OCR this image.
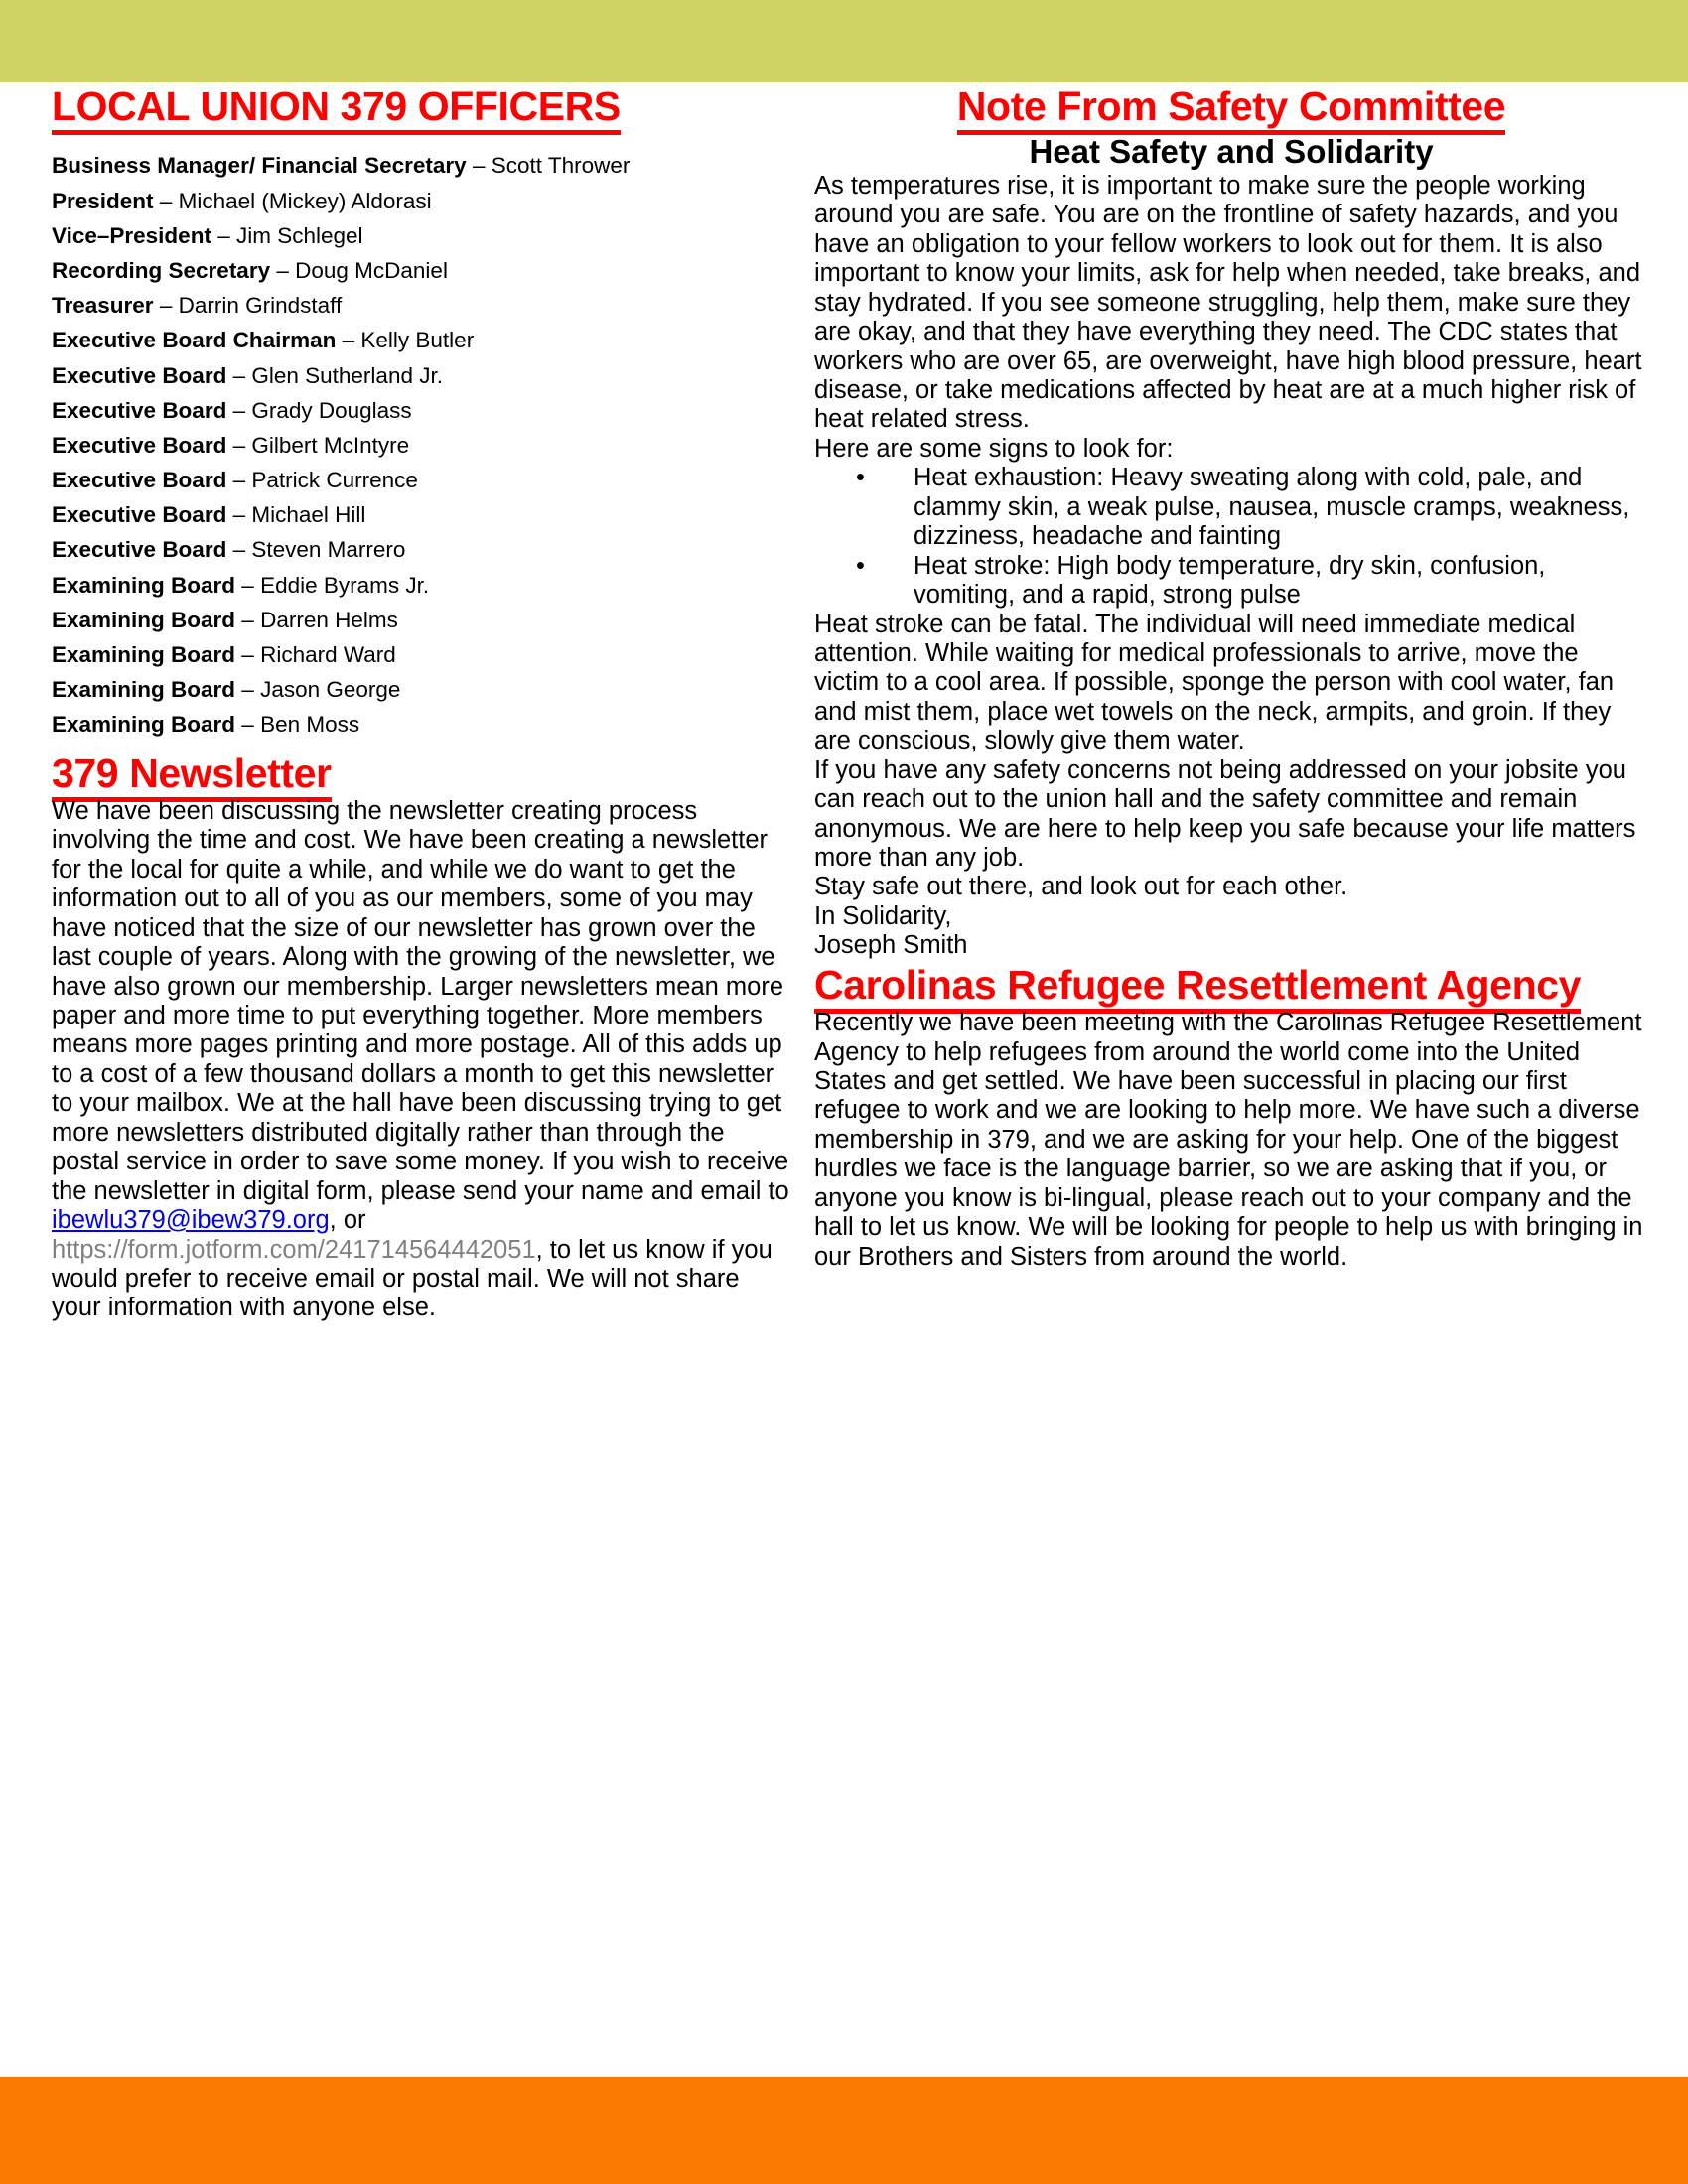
LOCAL UNION 379 OFFICERS
Business Manager/ Financial Secretary – Scott Thrower
President – Michael (Mickey) Aldorasi
Vice–President – Jim Schlegel
Recording Secretary – Doug McDaniel
Treasurer – Darrin Grindstaff
Executive Board Chairman – Kelly Butler
Executive Board – Glen Sutherland Jr.
Executive Board – Grady Douglass
Executive Board – Gilbert McIntyre
Executive Board – Patrick Currence
Executive Board – Michael Hill
Executive Board – Steven Marrero
Examining Board – Eddie Byrams Jr.
Examining Board – Darren Helms
Examining Board – Richard Ward
Examining Board – Jason George
Examining Board – Ben Moss
379 Newsletter

We have been discussing the newsletter creating process involving the time and cost. We have been creating a newsletter for the local for quite a while, and while we do want to get the information out to all of you as our members, some of you may have noticed that the size of our newsletter has grown over the last couple of years. Along with the growing of the newsletter, we have also grown our membership. Larger newsletters mean more paper and more time to put everything together. More members means more pages printing and more postage. All of this adds up to a cost of a few thousand dollars a month to get this newsletter to your mailbox. We at the hall have been discussing trying to get more newsletters distributed digitally rather than through the postal service in order to save some money. If you wish to receive the newsletter in digital form, please send your name and email to ibewlu379@ibew379.org, or https://form.jotform.com/241714564442051, to let us know if you would prefer to receive email or postal mail. We will not share your information with anyone else.

Note From Safety Committee
Heat Safety and Solidarity

As temperatures rise, it is important to make sure the people working around you are safe. You are on the frontline of safety hazards, and you have an obligation to your fellow workers to look out for them. It is also important to know your limits, ask for help when needed, take breaks, and stay hydrated. If you see someone struggling, help them, make sure they are okay, and that they have everything they need. The CDC states that workers who are over 65, are overweight, have high blood pressure, heart disease, or take medications affected by heat are at a much higher risk of heat related stress.

Here are some signs to look for:

• Heat exhaustion: Heavy sweating along with cold, pale, and clammy skin, a weak pulse, nausea, muscle cramps, weakness, dizziness, headache and fainting
• Heat stroke: High body temperature, dry skin, confusion, vomiting, and a rapid, strong pulse

Heat stroke can be fatal. The individual will need immediate medical attention. While waiting for medical professionals to arrive, move the victim to a cool area. If possible, sponge the person with cool water, fan and mist them, place wet towels on the neck, armpits, and groin. If they are conscious, slowly give them water.

If you have any safety concerns not being addressed on your jobsite you can reach out to the union hall and the safety committee and remain anonymous. We are here to help keep you safe because your life matters more than any job.

Stay safe out there, and look out for each other.

In Solidarity,

Joseph Smith

Carolinas Refugee Resettlement Agency

Recently we have been meeting with the Carolinas Refugee Resettlement Agency to help refugees from around the world come into the United States and get settled. We have been successful in placing our first refugee to work and we are looking to help more. We have such a diverse membership in 379, and we are asking for your help. One of the biggest hurdles we face is the language barrier, so we are asking that if you, or anyone you know is bi-lingual, please reach out to your company and the hall to let us know. We will be looking for people to help us with bringing in our Brothers and Sisters from around the world.
